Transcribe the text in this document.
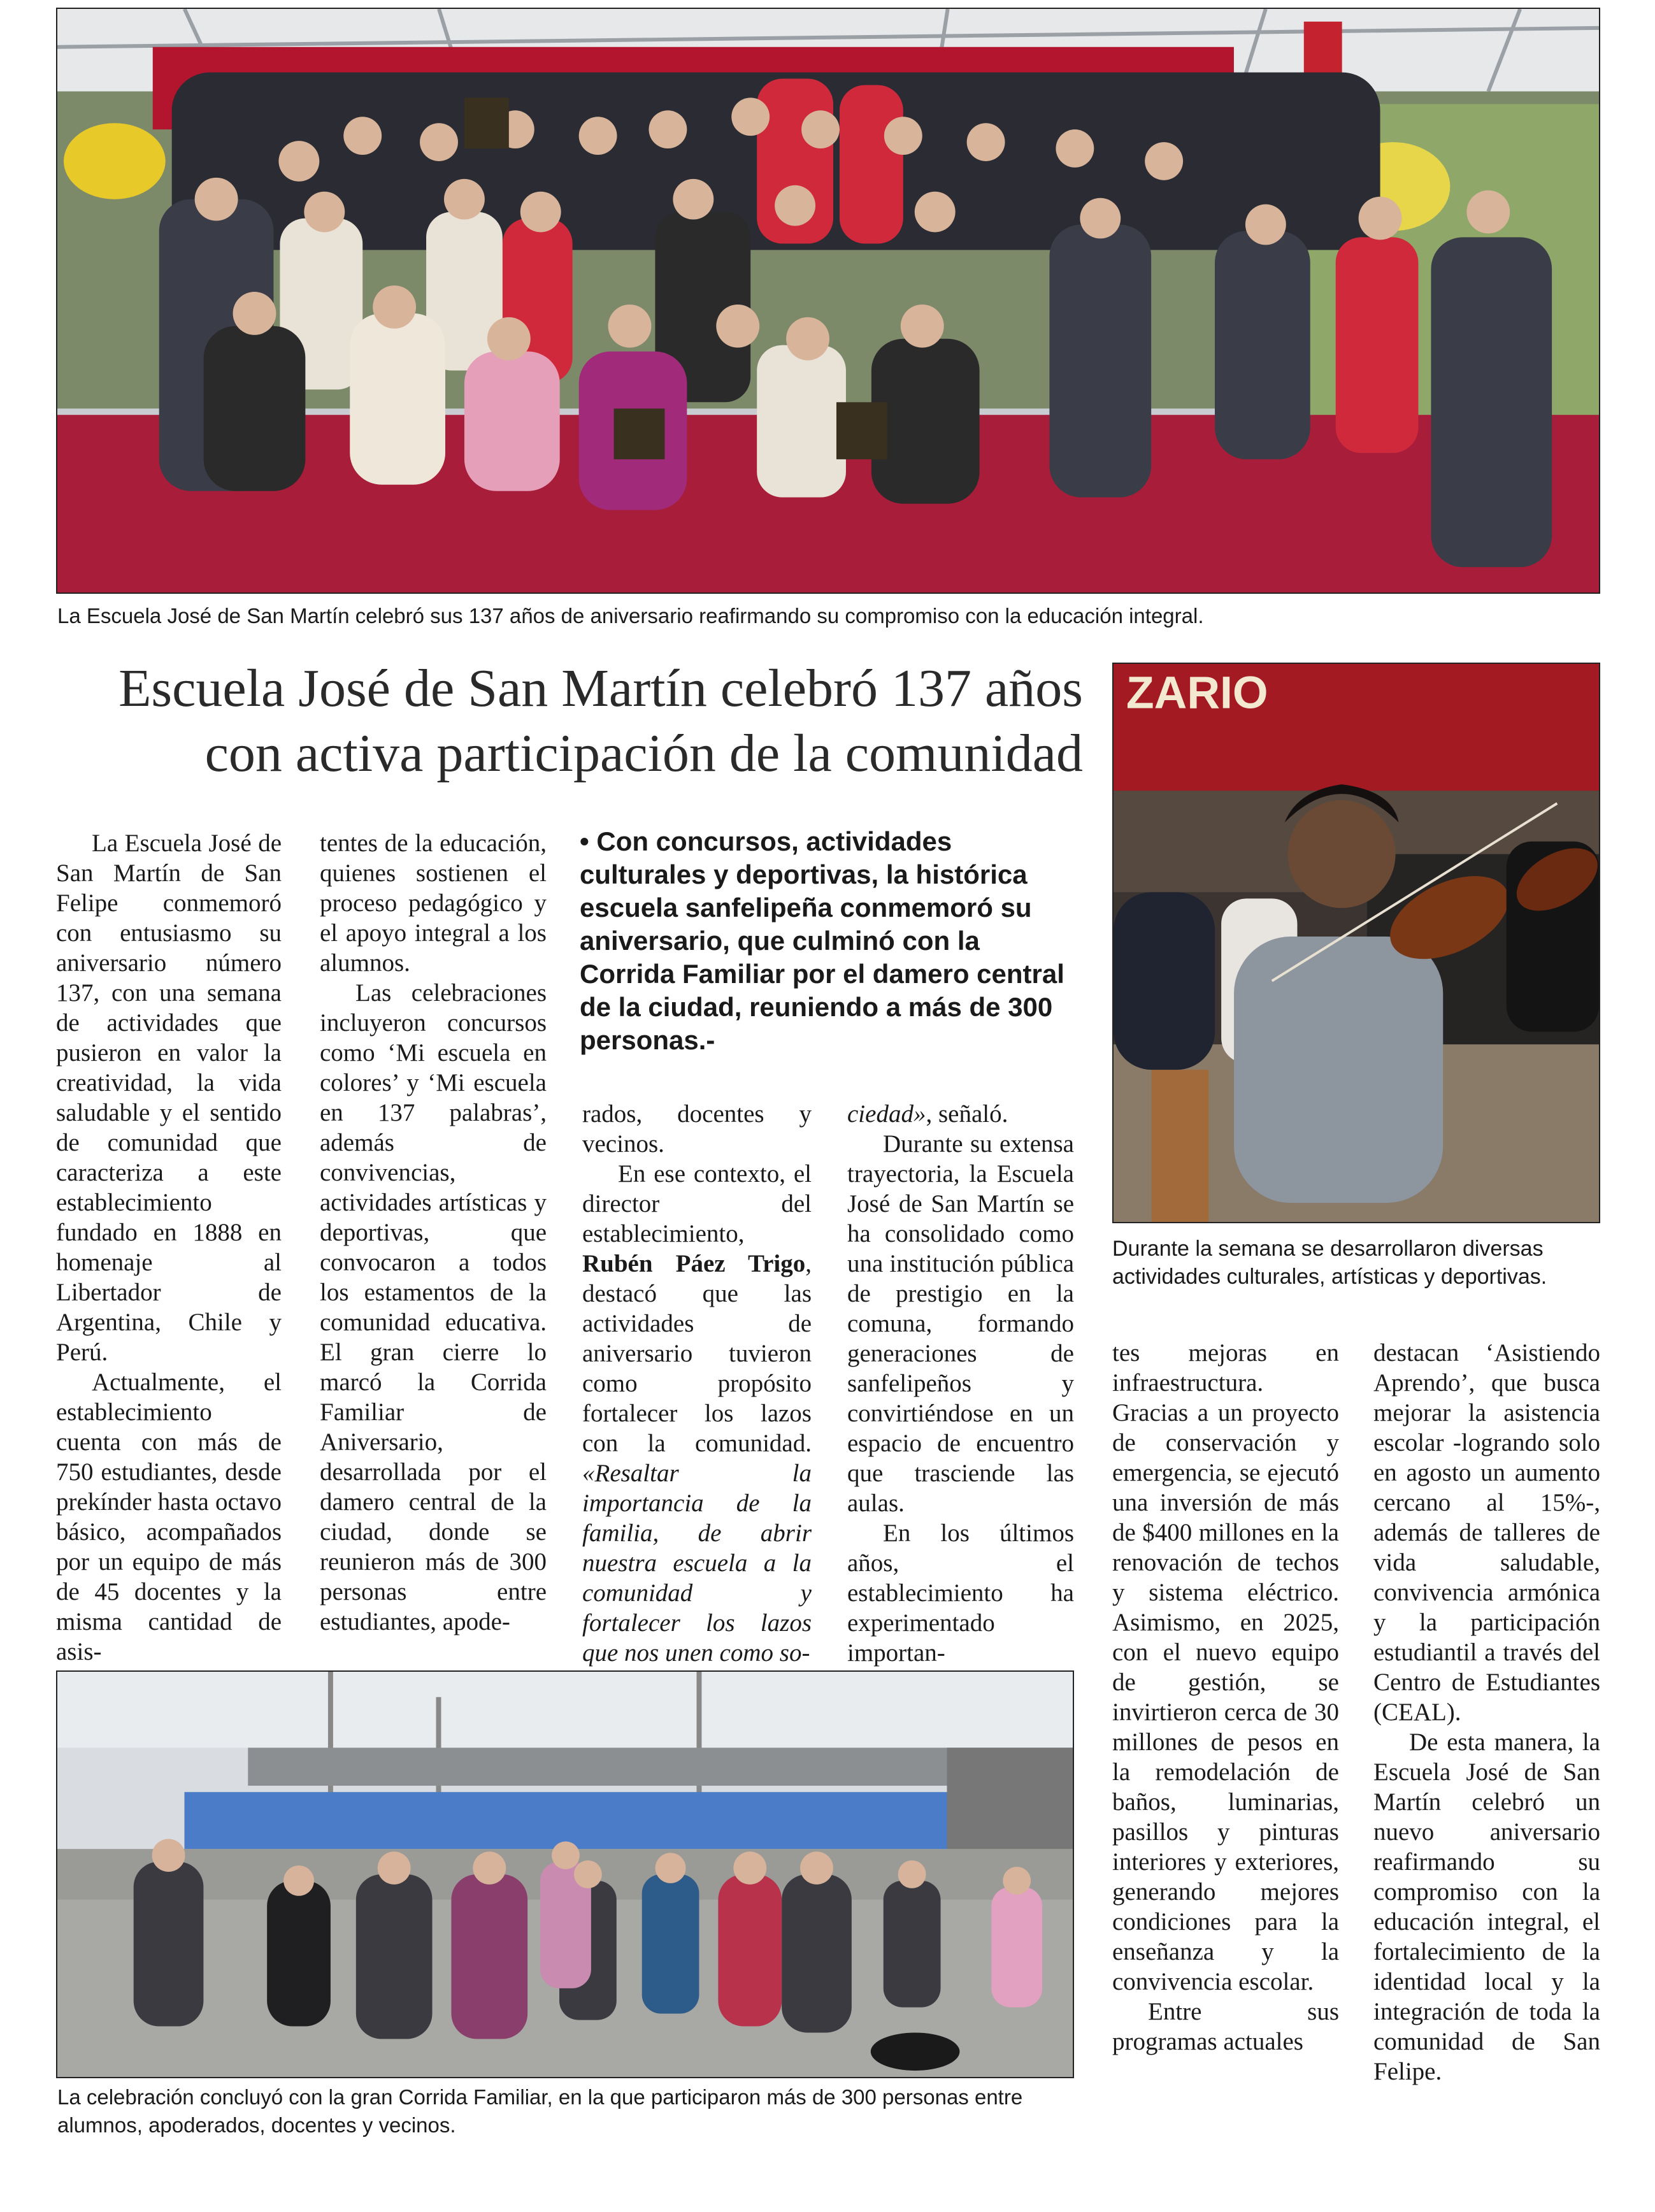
La Escuela José de San Martín celebró sus 137 años de aniversario reafirmando su compromiso con la educación integral.
Escuela José de San Martín celebró 137 años
con activa participación de la comunidad
ZARIO
Durante la semana se desarrollaron diversas actividades culturales, artísticas y deportivas.

• Con concursos, actividades culturales y deportivas, la histórica escuela sanfelipeña conmemoró su aniversario, que culminó con la Corrida Familiar por el damero central de la ciudad, reuniendo a más de 300 personas.-

La Escuela José de San Martín de San Felipe conmemoró con entusiasmo su aniversario número 137, con una semana de actividades que pusieron en valor la creatividad, la vida saludable y el sentido de comunidad que caracteriza a este establecimiento fundado en 1888 en homenaje al Libertador de Argentina, Chile y Perú.

Actualmente, el establecimiento cuenta con más de 750 estudiantes, desde prekínder hasta octavo básico, acompañados por un equipo de más de 45 docentes y la misma cantidad de asis-

tentes de la educación, quienes sostienen el proceso pedagógico y el apoyo integral a los alumnos.

Las celebraciones incluyeron concursos como ‘Mi escuela en colores’ y ‘Mi escuela en 137 palabras’, además de convivencias, actividades artísticas y deportivas, que convocaron a todos los estamentos de la comunidad educativa. El gran cierre lo marcó la Corrida Familiar de Aniversario, desarrollada por el damero central de la ciudad, donde se reunieron más de 300 personas entre estudiantes, apode-

rados, docentes y vecinos.

En ese contexto, el director del establecimiento, Rubén Páez Trigo, destacó que las actividades de aniversario tuvieron como propósito fortalecer los lazos con la comunidad. «Resaltar la importancia de la familia, de abrir nuestra escuela a la comunidad y fortalecer los lazos que nos unen como so-

ciedad», señaló.

Durante su extensa trayectoria, la Escuela José de San Martín se ha consolidado como una institución pública de prestigio en la comuna, formando generaciones de sanfelipeños y convirtiéndose en un espacio de encuentro que trasciende las aulas.

En los últimos años, el establecimiento ha experimentado importan-

tes mejoras en infraestructura. Gracias a un proyecto de conservación y emergencia, se ejecutó una inversión de más de $400 millones en la renovación de techos y sistema eléctrico. Asimismo, en 2025, con el nuevo equipo de gestión, se invirtieron cerca de 30 millones de pesos en la remodelación de baños, luminarias, pasillos y pinturas interiores y exteriores, generando mejores condiciones para la enseñanza y la convivencia escolar.

Entre sus programas actuales

destacan ‘Asistiendo Aprendo’, que busca mejorar la asistencia escolar -logrando solo en agosto un aumento cercano al 15%-, además de talleres de vida saludable, convivencia armónica y la participación estudiantil a través del Centro de Estudiantes (CEAL).

De esta manera, la Escuela José de San Martín celebró un nuevo aniversario reafirmando su compromiso con la educación integral, el fortalecimiento de la identidad local y la integración de toda la comunidad de San Felipe.

La celebración concluyó con la gran Corrida Familiar, en la que participaron más de 300 personas entre alumnos, apoderados, docentes y vecinos.
